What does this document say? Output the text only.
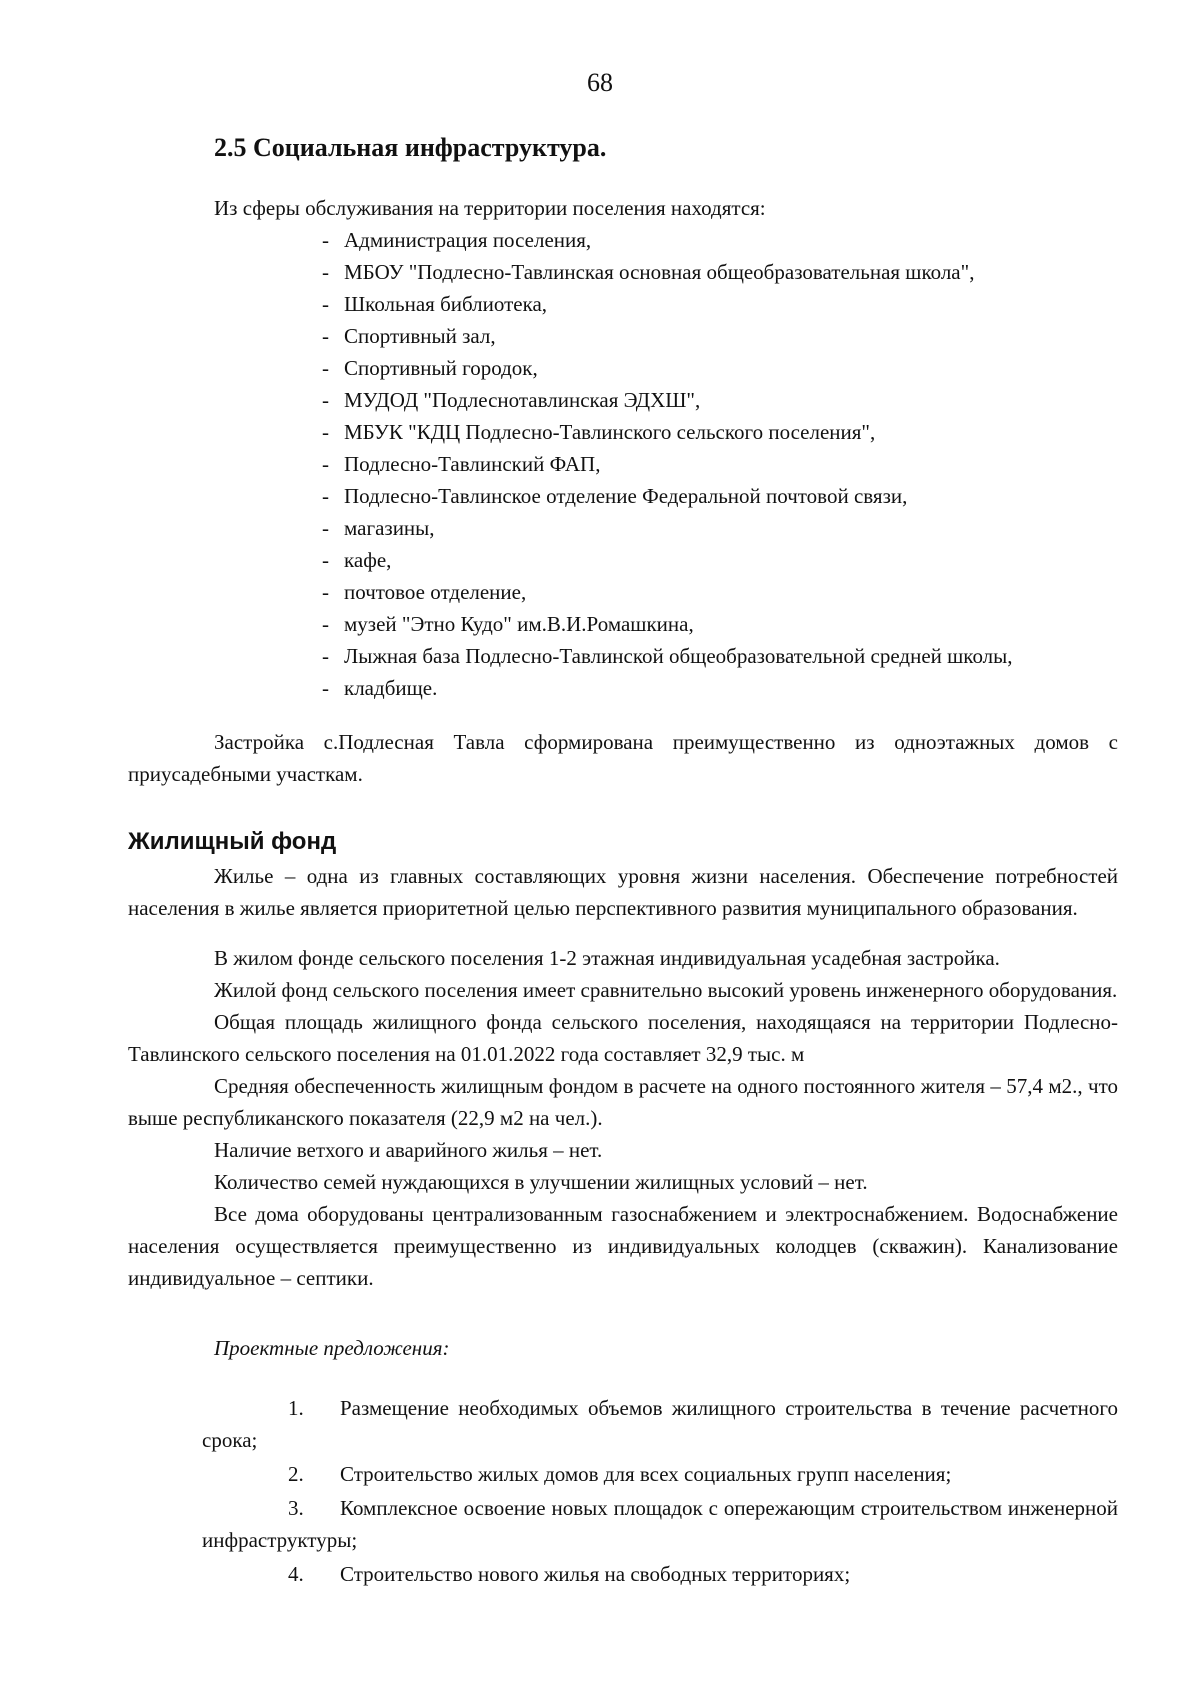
68
2.5 Социальная инфраструктура.

Из сферы обслуживания на территории поселения находятся:

- Администрация поселения,
- МБОУ "Подлесно-Тавлинская основная общеобразовательная школа",
- Школьная библиотека,
- Спортивный зал,
- Спортивный городок,
- МУДОД "Подлеснотавлинская ЭДХШ",
- МБУК "КДЦ Подлесно-Тавлинского сельского поселения",
- Подлесно-Тавлинский ФАП,
- Подлесно-Тавлинское отделение Федеральной почтовой связи,
- магазины,
- кафе,
- почтовое отделение,
- музей "Этно Кудо" им.В.И.Ромашкина,
- Лыжная база Подлесно-Тавлинской общеобразовательной средней школы,
- кладбище.

Застройка с.Подлесная Тавла сформирована преимущественно из одноэтажных домов с приусадебными участкам.

Жилищный фонд

Жилье – одна из главных составляющих уровня жизни населения. Обеспечение потребностей населения в жилье является приоритетной целью перспективного развития муниципального образования.

В жилом фонде сельского поселения 1-2 этажная индивидуальная усадебная застройка.

Жилой фонд сельского поселения имеет сравнительно высокий уровень инженерного оборудования.

Общая площадь жилищного фонда сельского поселения, находящаяся на территории Подлесно-Тавлинского сельского поселения на 01.01.2022 года составляет 32,9 тыс. м

Средняя обеспеченность жилищным фондом в расчете на одного постоянного жителя – 57,4 м2., что выше республиканского показателя (22,9 м2 на чел.).

Наличие ветхого и аварийного жилья – нет.

Количество семей нуждающихся в улучшении жилищных условий – нет.

Все дома оборудованы централизованным газоснабжением и электроснабжением. Водоснабжение населения осуществляется преимущественно из индивидуальных колодцев (скважин). Канализование индивидуальное – септики.

Проектные предложения:

1. Размещение необходимых объемов жилищного строительства в течение расчетного срока;
2. Строительство жилых домов для всех социальных групп населения;
3. Комплексное освоение новых площадок с опережающим строительством инженерной инфраструктуры;
4. Строительство нового жилья на свободных территориях;
